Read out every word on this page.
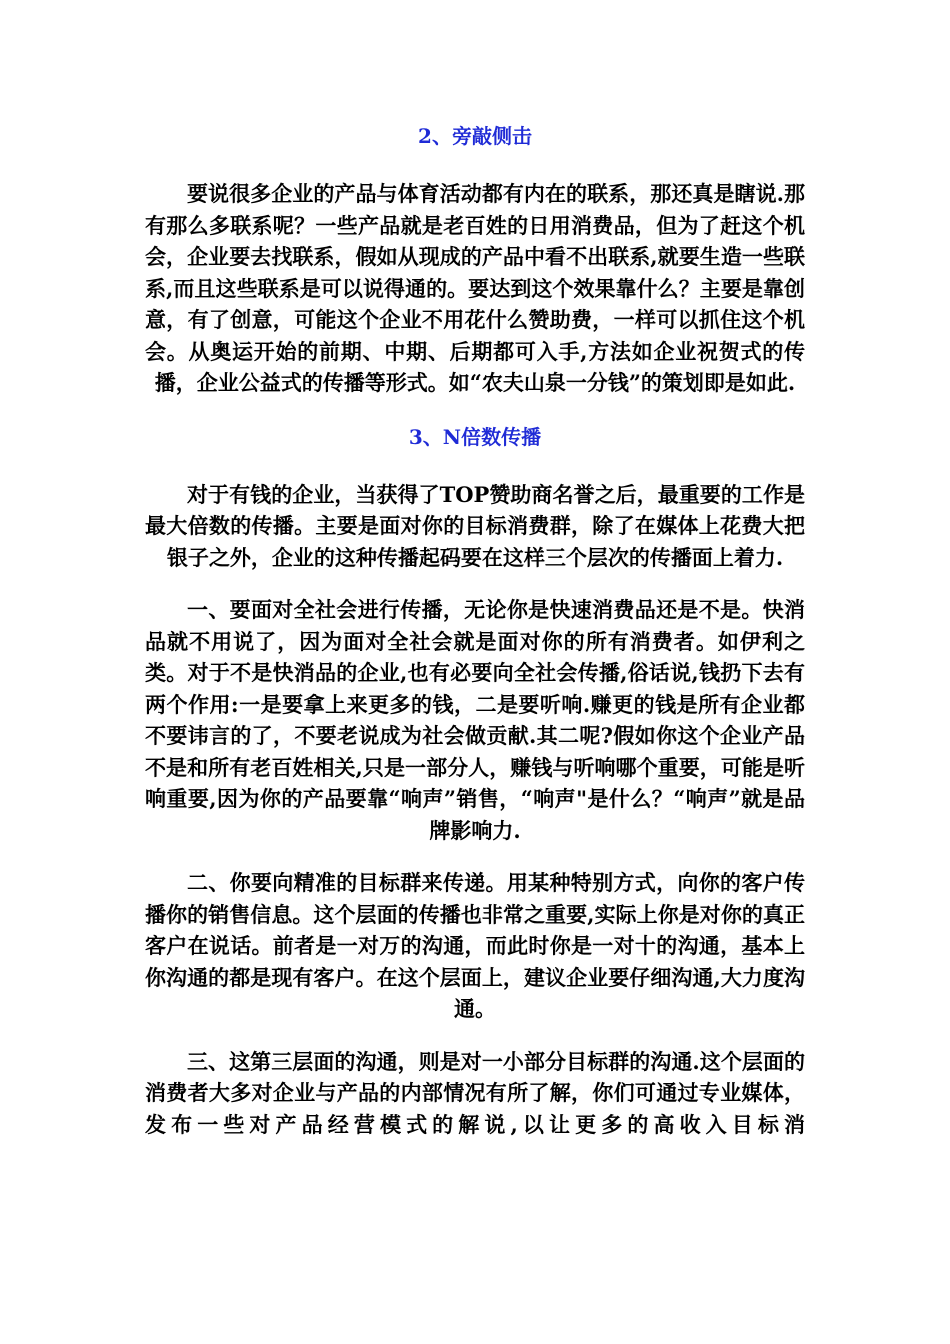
2、旁敲侧击

要说很多企业的产品与体育活动都有内在的联系，那还真是瞎说.那有那么多联系呢？一些产品就是老百姓的日用消费品，但为了赶这个机会，企业要去找联系，假如从现成的产品中看不出联系,就要生造一些联系,而且这些联系是可以说得通的。要达到这个效果靠什么？主要是靠创意，有了创意，可能这个企业不用花什么赞助费，一样可以抓住这个机会。从奥运开始的前期、中期、后期都可入手,方法如企业祝贺式的传播，企业公益式的传播等形式。如“农夫山泉一分钱”的策划即是如此.

3、N倍数传播

对于有钱的企业，当获得了TOP赞助商名誉之后，最重要的工作是最大倍数的传播。主要是面对你的目标消费群，除了在媒体上花费大把银子之外，企业的这种传播起码要在这样三个层次的传播面上着力.

一、要面对全社会进行传播，无论你是快速消费品还是不是。快消品就不用说了，因为面对全社会就是面对你的所有消费者。如伊利之类。对于不是快消品的企业,也有必要向全社会传播,俗话说,钱扔下去有两个作用:一是要拿上来更多的钱，二是要听响.赚更的钱是所有企业都不要讳言的了，不要老说成为社会做贡献.其二呢?假如你这个企业产品不是和所有老百姓相关,只是一部分人，赚钱与听响哪个重要，可能是听响重要,因为你的产品要靠“响声”销售，“响声"是什么？“响声”就是品牌影响力.

二、你要向精准的目标群来传递。用某种特别方式，向你的客户传播你的销售信息。这个层面的传播也非常之重要,实际上你是对你的真正客户在说话。前者是一对万的沟通，而此时你是一对十的沟通，基本上你沟通的都是现有客户。在这个层面上，建议企业要仔细沟通,大力度沟通。

三、这第三层面的沟通，则是对一小部分目标群的沟通.这个层面的消费者大多对企业与产品的内部情况有所了解，你们可通过专业媒体，发布一些对产品经营模式的解说,以让更多的高收入目标消
